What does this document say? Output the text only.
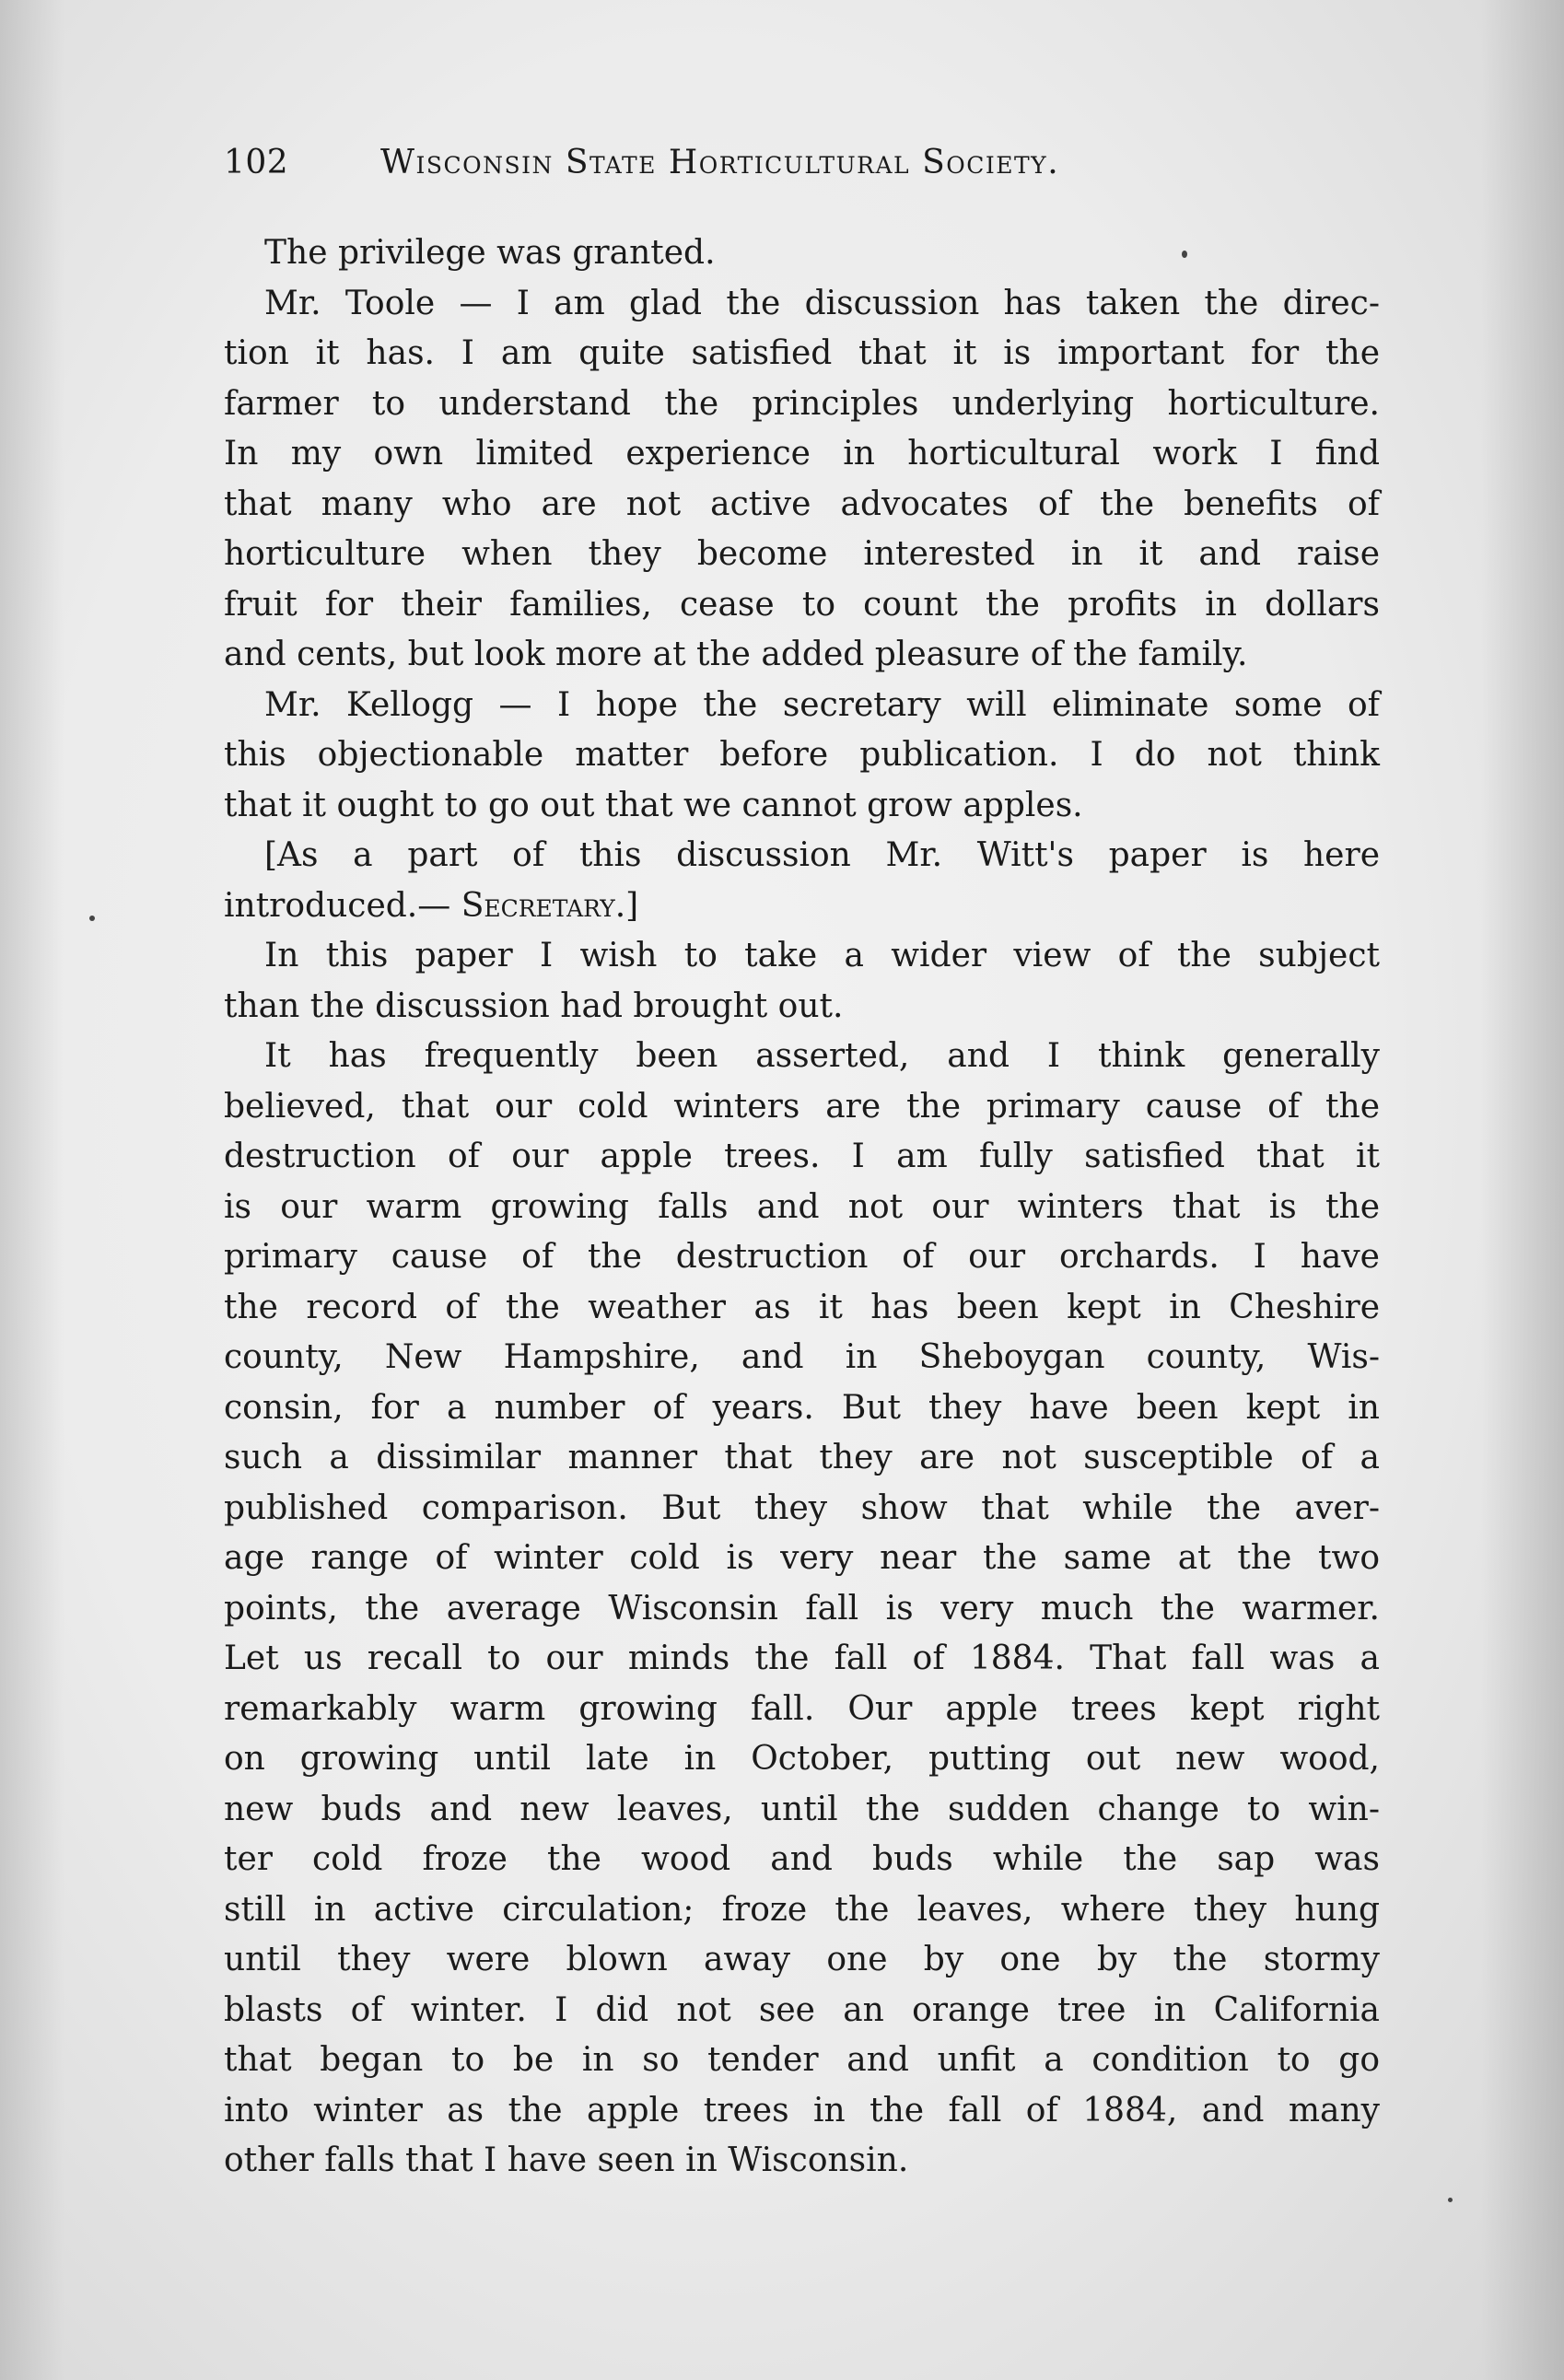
102	Wisconsin State Horticultural Society.
The privilege was granted.
Mr. Toole — I am glad the discussion has taken the direc-
tion it has. I am quite satisfied that it is important for the
farmer to understand the principles underlying horticulture.
In my own limited experience in horticultural work I find
that many who are not active advocates of the benefits of
horticulture when they become interested in it and raise
fruit for their families, cease to count the profits in dollars
and cents, but look more at the added pleasure of the family.
Mr. Kellogg — I hope the secretary will eliminate some of
this objectionable matter before publication. I do not think
that it ought to go out that we cannot grow apples.
[As a part of this discussion Mr. Witt's paper is here
introduced.— Secretary.]
In this paper I wish to take a wider view of the subject
than the discussion had brought out.
It has frequently been asserted, and I think generally
believed, that our cold winters are the primary cause of the
destruction of our apple trees. I am fully satisfied that it
is our warm growing falls and not our winters that is the
primary cause of the destruction of our orchards. I have
the record of the weather as it has been kept in Cheshire
county, New Hampshire, and in Sheboygan county, Wis-
consin, for a number of years. But they have been kept in
such a dissimilar manner that they are not susceptible of a
published comparison. But they show that while the aver-
age range of winter cold is very near the same at the two
points, the average Wisconsin fall is very much the warmer.
Let us recall to our minds the fall of 1884. That fall was a
remarkably warm growing fall. Our apple trees kept right
on growing until late in October, putting out new wood,
new buds and new leaves, until the sudden change to win-
ter cold froze the wood and buds while the sap was
still in active circulation; froze the leaves, where they hung
until they were blown away one by one by the stormy
blasts of winter. I did not see an orange tree in California
that began to be in so tender and unfit a condition to go
into winter as the apple trees in the fall of 1884, and many
other falls that I have seen in Wisconsin.
